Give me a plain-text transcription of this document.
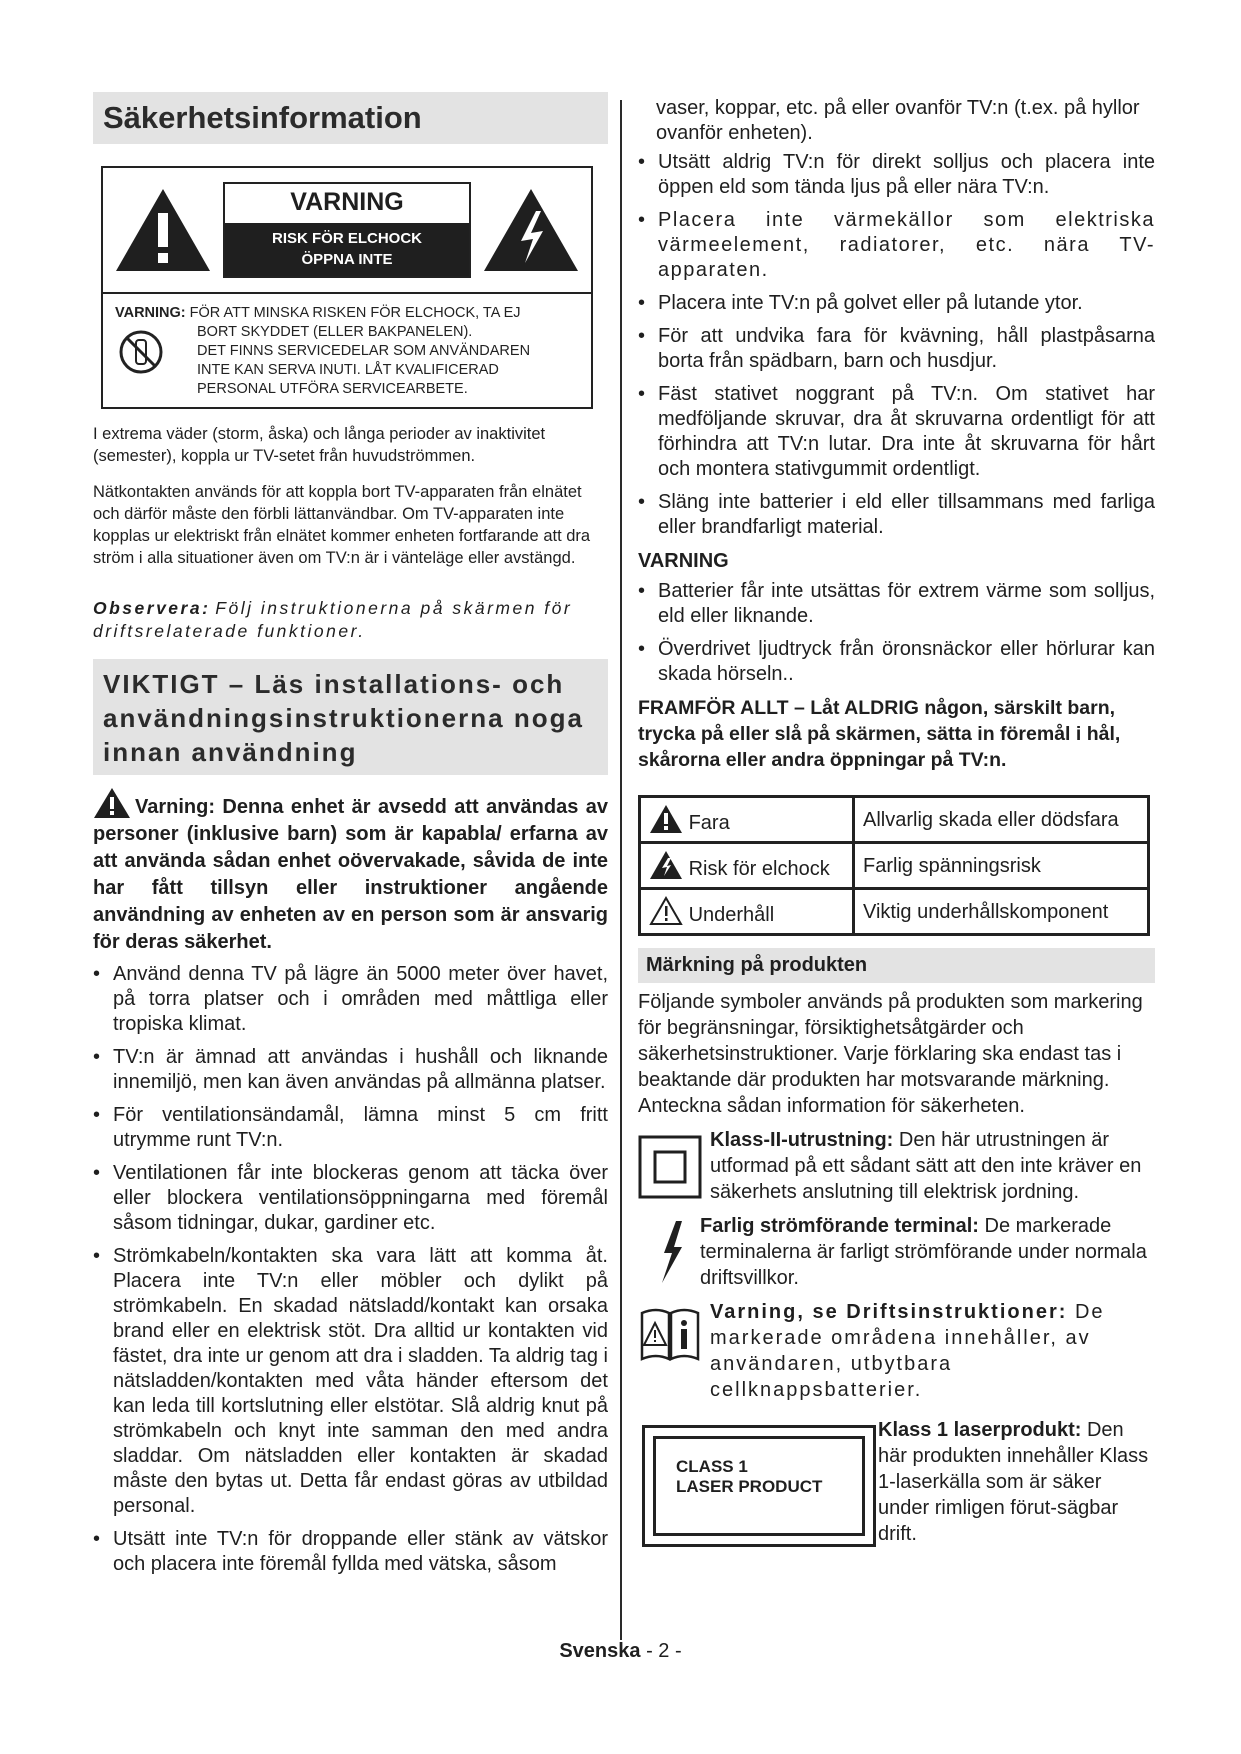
Säkerhetsinformation
VARNING
RISK FÖR ELCHOCK
ÖPPNA INTE
VARNING: FÖR ATT MINSKA RISKEN FÖR ELCHOCK, TA EJ
BORT SKYDDET (ELLER BAKPANELEN).
DET FINNS SERVICEDELAR SOM ANVÄNDAREN
INTE KAN SERVA INUTI. LÅT KVALIFICERAD
PERSONAL UTFÖRA SERVICEARBETE.

I extrema väder (storm, åska) och långa perioder av inaktivitet (semester), koppla ur TV-setet från huvudströmmen.

Nätkontakten används för att koppla bort TV-apparaten från elnätet och därför måste den förbli lättanvändbar. Om TV-apparaten inte kopplas ur elektriskt från elnätet kommer enheten fortfarande att dra ström i alla situationer även om TV:n är i vänteläge eller avstängd.

Observera: Följ instruktionerna på skärmen för driftsrelaterade funktioner.

VIKTIGT – Läs installations- och användningsinstruktionerna noga innan användning
Varning: Denna enhet är avsedd att användas av personer (inklusive barn) som är kapabla/ erfarna av att använda sådan enhet oövervakade, såvida de inte har fått tillsyn eller instruktioner angående användning av enheten av en person som är ansvarig för deras säkerhet.
• Använd denna TV på lägre än 5000 meter över havet, på torra platser och i områden med måttliga eller tropiska klimat.
• TV:n är ämnad att användas i hushåll och liknande innemiljö, men kan även användas på allmänna platser.
• För ventilationsändamål, lämna minst 5 cm fritt utrymme runt TV:n.
• Ventilationen får inte blockeras genom att täcka över eller blockera ventilationsöppningarna med föremål såsom tidningar, dukar, gardiner etc.
• Strömkabeln/kontakten ska vara lätt att komma åt. Placera inte TV:n eller möbler och dylikt på strömkabeln. En skadad nätsladd/kontakt kan orsaka brand eller en elektrisk stöt. Dra alltid ur kontakten vid fästet, dra inte ur genom att dra i sladden. Ta aldrig tag i nätsladden/kontakten med våta händer eftersom det kan leda till kortslutning eller elstötar. Slå aldrig knut på strömkabeln och knyt inte samman den med andra sladdar. Om nätsladden eller kontakten är skadad måste den bytas ut. Detta får endast göras av utbildad personal.
• Utsätt inte TV:n för droppande eller stänk av vätskor och placera inte föremål fyllda med vätska, såsom
vaser, koppar, etc. på eller ovanför TV:n (t.ex. på hyllor ovanför enheten).
• Utsätt aldrig TV:n för direkt solljus och placera inte öppen eld som tända ljus på eller nära TV:n.
• Placera inte värmekällor som elektriska värmeelement, radiatorer, etc. nära TV-apparaten.
• Placera inte TV:n på golvet eller på lutande ytor.
• För att undvika fara för kvävning, håll plastpåsarna borta från spädbarn, barn och husdjur.
• Fäst stativet noggrant på TV:n. Om stativet har medföljande skruvar, dra åt skruvarna ordentligt för att förhindra att TV:n lutar. Dra inte åt skruvarna för hårt och montera stativgummit ordentligt.
• Släng inte batterier i eld eller tillsammans med farliga eller brandfarligt material.
VARNING
• Batterier får inte utsättas för extrem värme som solljus, eld eller liknande.
• Överdrivet ljudtryck från öronsnäckor eller hörlurar kan skada hörseln..
FRAMFÖR ALLT – Låt ALDRIG någon, särskilt barn, trycka på eller slå på skärmen, sätta in föremål i hål, skårorna eller andra öppningar på TV:n.
Fara	Allvarlig skada eller dödsfara
Risk för elchock	Farlig spänningsrisk
Underhåll	Viktig underhållskomponent
Märkning på produkten
Följande symboler används på produkten som markering för begränsningar, försiktighetsåtgärder och säkerhetsinstruktioner. Varje förklaring ska endast tas i beaktande där produkten har motsvarande märkning. Anteckna sådan information för säkerheten.
Klass-II-utrustning: Den här utrustningen är utformad på ett sådant sätt att den inte kräver en säkerhets anslutning till elektrisk jordning.
Farlig strömförande terminal: De markerade terminalerna är farligt strömförande under normala driftsvillkor.
Varning, se Driftsinstruktioner: De markerade områdena innehåller, av användaren, utbytbara cellknappsbatterier.
CLASS 1
LASER PRODUCT
Klass 1 laserprodukt: Den här produkten innehåller Klass 1-laserkälla som är säker under rimligen förut-sägbar drift.
Svenska - 2 -
